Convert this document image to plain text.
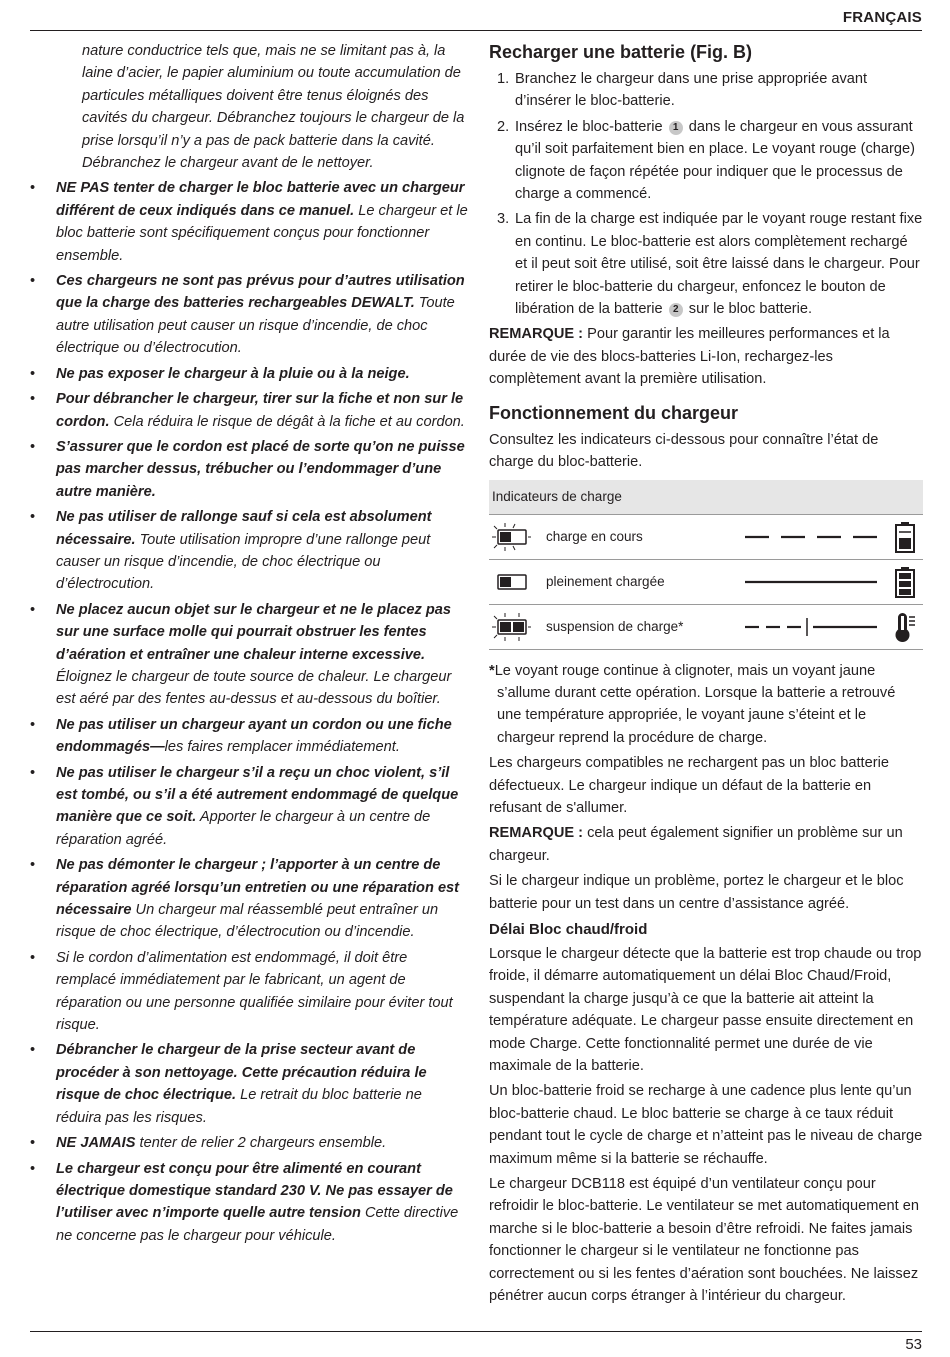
FRANÇAIS

nature conductrice tels que, mais ne se limitant pas à, la laine d’acier, le papier aluminium ou toute accumulation de particules métalliques doivent être tenus éloignés des cavités du chargeur. Débranchez toujours le chargeur de la prise lorsqu’il n’y a pas de pack batterie dans la cavité. Débranchez le chargeur avant de le nettoyer.

• NE PAS tenter de charger le bloc batterie avec un chargeur différent de ceux indiqués dans ce manuel. Le chargeur et le bloc batterie sont spécifiquement conçus pour fonctionner ensemble.
• Ces chargeurs ne sont pas prévus pour d’autres utilisation que la charge des batteries rechargeables DEWALT. Toute autre utilisation peut causer un risque d’incendie, de choc électrique ou d’électrocution.
• Ne pas exposer le chargeur à la pluie ou à la neige.
• Pour débrancher le chargeur, tirer sur la fiche et non sur le cordon. Cela réduira le risque de dégât à la fiche et au cordon.
• S’assurer que le cordon est placé de sorte qu’on ne puisse pas marcher dessus, trébucher ou l’endommager d’une autre manière.
• Ne pas utiliser de rallonge sauf si cela est absolument nécessaire. Toute utilisation impropre d’une rallonge peut causer un risque d’incendie, de choc électrique ou d’électrocution.
• Ne placez aucun objet sur le chargeur et ne le placez pas sur une surface molle qui pourrait obstruer les fentes d’aération et entraîner une chaleur interne excessive. Éloignez le chargeur de toute source de chaleur. Le chargeur est aéré par des fentes au-dessus et au-dessous du boîtier.
• Ne pas utiliser un chargeur ayant un cordon ou une fiche endommagés—les faires remplacer immédiatement.
• Ne pas utiliser le chargeur s’il a reçu un choc violent, s’il est tombé, ou s’il a été autrement endommagé de quelque manière que ce soit. Apporter le chargeur à un centre de réparation agréé.
• Ne pas démonter le chargeur ; l’apporter à un centre de réparation agréé lorsqu’un entretien ou une réparation est nécessaire Un chargeur mal réassemblé peut entraîner un risque de choc électrique, d’électrocution ou d’incendie.
• Si le cordon d’alimentation est endommagé, il doit être remplacé immédiatement par le fabricant, un agent de réparation ou une personne qualifiée similaire pour éviter tout risque.
• Débrancher le chargeur de la prise secteur avant de procéder à son nettoyage. Cette précaution réduira le risque de choc électrique. Le retrait du bloc batterie ne réduira pas les risques.
• NE JAMAIS tenter de relier 2 chargeurs ensemble.
• Le chargeur est conçu pour être alimenté en courant électrique domestique standard 230 V. Ne pas essayer de l’utiliser avec n’importe quelle autre tension Cette directive ne concerne pas le chargeur pour véhicule.
Recharger une batterie (Fig. B)
1. Branchez le chargeur dans une prise appropriée avant d’insérer le bloc-batterie.
2. Insérez le bloc-batterie 1 dans le chargeur en vous assurant qu’il soit parfaitement bien en place. Le voyant rouge (charge) clignote de façon répétée pour indiquer que le processus de charge a commencé.
3. La fin de la charge est indiquée par le voyant rouge restant fixe en continu. Le bloc-batterie est alors complètement rechargé et il peut soit être utilisé, soit être laissé dans le chargeur. Pour retirer le bloc-batterie du chargeur, enfoncez le bouton de libération de la batterie 2 sur le bloc batterie.

REMARQUE : Pour garantir les meilleures performances et la durée de vie des blocs-batteries Li-Ion, rechargez-les complètement avant la première utilisation.

Fonctionnement du chargeur

Consultez les indicateurs ci-dessous pour connaître l’état de charge du bloc-batterie.

Indicateurs de charge
charge en cours
pleinement chargée
suspension de charge*

*Le voyant rouge continue à clignoter, mais un voyant jaune s’allume durant cette opération. Lorsque la batterie a retrouvé une température appropriée, le voyant jaune s’éteint et le chargeur reprend la procédure de charge.

Les chargeurs compatibles ne rechargent pas un bloc batterie défectueux. Le chargeur indique un défaut de la batterie en refusant de s'allumer.

REMARQUE : cela peut également signifier un problème sur un chargeur.

Si le chargeur indique un problème, portez le chargeur et le bloc batterie pour un test dans un centre d’assistance agréé.

Délai Bloc chaud/froid

Lorsque le chargeur détecte que la batterie est trop chaude ou trop froide, il démarre automatiquement un délai Bloc Chaud/Froid, suspendant la charge jusqu’à ce que la batterie ait atteint la température adéquate. Le chargeur passe ensuite directement en mode Charge. Cette fonctionnalité permet une durée de vie maximale de la batterie.

Un bloc-batterie froid se recharge à une cadence plus lente qu’un bloc-batterie chaud. Le bloc batterie se charge à ce taux réduit pendant tout le cycle de charge et n’atteint pas le niveau de charge maximum même si la batterie se réchauffe.

Le chargeur DCB118 est équipé d’un ventilateur conçu pour refroidir le bloc-batterie. Le ventilateur se met automatiquement en marche si le bloc-batterie a besoin d’être refroidi. Ne faites jamais fonctionner le chargeur si le ventilateur ne fonctionne pas correctement ou si les fentes d’aération sont bouchées. Ne laissez pénétrer aucun corps étranger à l’intérieur du chargeur.

53
